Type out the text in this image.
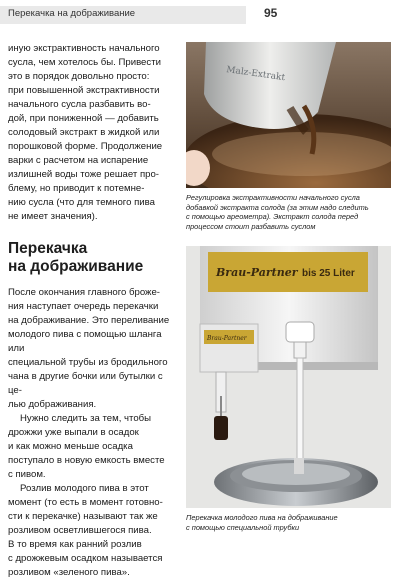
Перекачка на дображивание	95

иную экстрактивность начального
сусла, чем хотелось бы. Привести
это в порядок довольно просто:
при повышенной экстрактивности
начального сусла разбавить во-
дой, при пониженной — добавить
солодовый экстракт в жидкой или
порошковой форме. Продолжение
варки с расчетом на испарение
излишней воды тоже решает про-
блему, но приводит к потемне-
нию сусла (что для темного пива
не имеет значения).

Перекачка
на дображивание

После окончания главного броже-
ния наступает очередь перекачки
на дображивание. Это переливание
молодого пива с помощью шланга или
специальной трубы из бродильного
чана в другие бочки или бутылки с це-
лью дображивания.

Нужно следить за тем, чтобы
дрожжи уже выпали в осадок
и как можно меньше осадка
поступало в новую емкость вместе
с пивом.

Розлив молодого пива в этот
момент (то есть в момент готовно-
сти к перекачке) называют так же
розливом осветлившегося пива.
В то время как ранний розлив
с дрожжевым осадком называется
розливом «зеленого пива».

Malz-Extrakt
Регулировка экстрактивности начального сусла
добавкой экстракта солода (за этим надо следить
с помощью ареометра). Экстракт солода перед
процессом стоит разбавить суслом
Brau-Partner bis 25 Liter
Brau-Partner
Перекачка молодого пива на дображивание
с помощью специальной трубки
